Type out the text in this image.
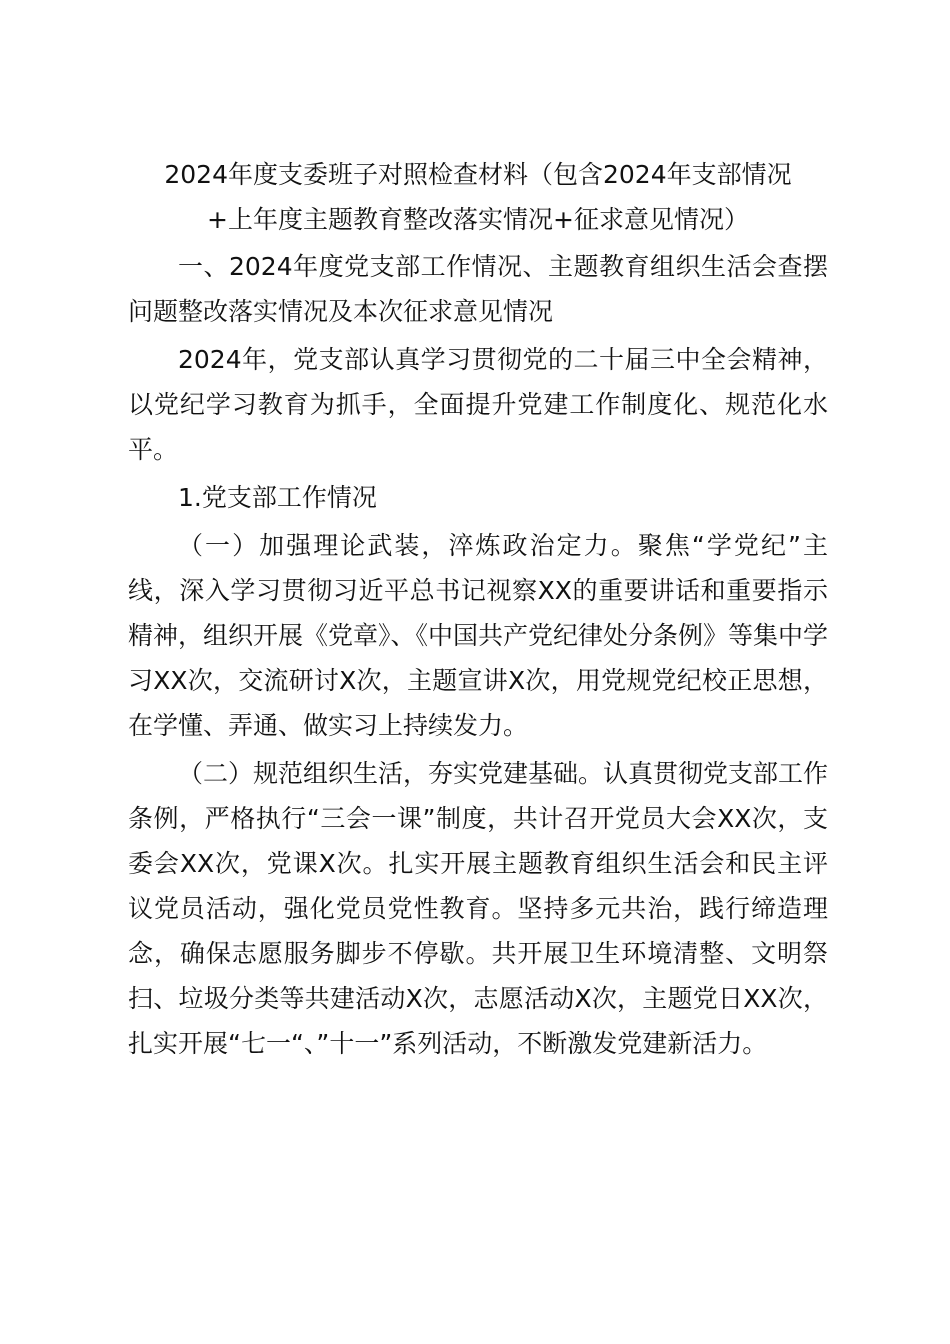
2024年度支委班子对照检查材料（包含2024年支部情况
+上年度主题教育整改落实情况+征求意见情况）

一、2024年度党支部工作情况、主题教育组织生活会查摆问题整改落实情况及本次征求意见情况

2024年，党支部认真学习贯彻党的二十届三中全会精神，以党纪学习教育为抓手，全面提升党建工作制度化、规范化水平。

1.党支部工作情况

（一）加强理论武装，淬炼政治定力。聚焦“学党纪”主线，深入学习贯彻习近平总书记视察XX的重要讲话和重要指示精神，组织开展《党章》、《中国共产党纪律处分条例》等集中学习XX次，交流研讨X次，主题宣讲X次，用党规党纪校正思想，在学懂、弄通、做实习上持续发力。

（二）规范组织生活，夯实党建基础。认真贯彻党支部工作条例，严格执行“三会一课”制度，共计召开党员大会XX次，支委会XX次，党课X次。扎实开展主题教育组织生活会和民主评议党员活动，强化党员党性教育。坚持多元共治，践行缔造理念，确保志愿服务脚步不停歇。共开展卫生环境清整、文明祭扫、垃圾分类等共建活动X次，志愿活动X次，主题党日XX次，扎实开展“七一“、”十一”系列活动，不断激发党建新活力。
